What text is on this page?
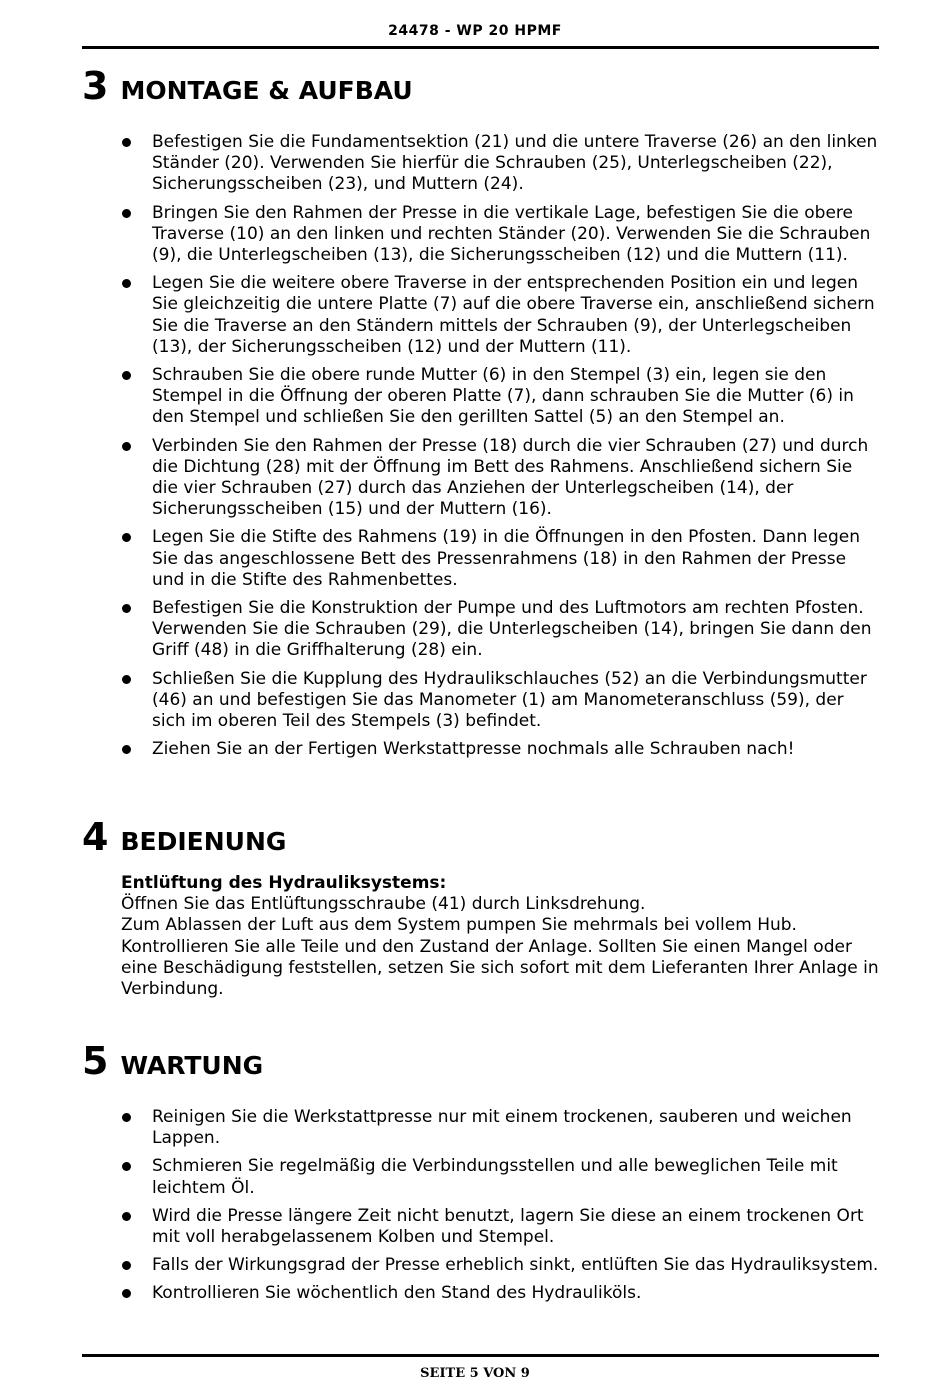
24478 - WP 20 HPMF
3 MONTAGE & AUFBAU
Befestigen Sie die Fundamentsektion (21) und die untere Traverse (26) an den linken Ständer (20). Verwenden Sie hierfür die Schrauben (25), Unterlegscheiben (22), Sicherungsscheiben (23), und Muttern (24).
Bringen Sie den Rahmen der Presse in die vertikale Lage, befestigen Sie die obere Traverse (10) an den linken und rechten Ständer (20). Verwenden Sie die Schrauben (9), die Unterlegscheiben (13), die Sicherungsscheiben (12) und die Muttern (11).
Legen Sie die weitere obere Traverse in der entsprechenden Position ein und legen Sie gleichzeitig die untere Platte (7) auf die obere Traverse ein, anschließend sichern Sie die Traverse an den Ständern mittels der Schrauben (9), der Unterlegscheiben (13), der Sicherungsscheiben (12) und der Muttern (11).
Schrauben Sie die obere runde Mutter (6) in den Stempel (3) ein, legen sie den Stempel in die Öffnung der oberen Platte (7), dann schrauben Sie die Mutter (6) in den Stempel und schließen Sie den gerillten Sattel (5) an den Stempel an.
Verbinden Sie den Rahmen der Presse (18) durch die vier Schrauben (27) und durch die Dichtung (28) mit der Öffnung im Bett des Rahmens. Anschließend sichern Sie die vier Schrauben (27) durch das Anziehen der Unterlegscheiben (14), der Sicherungsscheiben (15) und der Muttern (16).
Legen Sie die Stifte des Rahmens (19) in die Öffnungen in den Pfosten. Dann legen Sie das angeschlossene Bett des Pressenrahmens (18) in den Rahmen der Presse und in die Stifte des Rahmenbettes.
Befestigen Sie die Konstruktion der Pumpe und des Luftmotors am rechten Pfosten. Verwenden Sie die Schrauben (29), die Unterlegscheiben (14), bringen Sie dann den Griff (48) in die Griffhalterung (28) ein.
Schließen Sie die Kupplung des Hydraulikschlauches (52) an die Verbindungsmutter (46) an und befestigen Sie das Manometer (1) am Manometeranschluss (59), der sich im oberen Teil des Stempels (3) befindet.
Ziehen Sie an der Fertigen Werkstattpresse nochmals alle Schrauben nach!
4 BEDIENUNG
Entlüftung des Hydrauliksystems:
Öffnen Sie das Entlüftungsschraube (41) durch Linksdrehung.
Zum Ablassen der Luft aus dem System pumpen Sie mehrmals bei vollem Hub.
Kontrollieren Sie alle Teile und den Zustand der Anlage. Sollten Sie einen Mangel oder eine Beschädigung feststellen, setzen Sie sich sofort mit dem Lieferanten Ihrer Anlage in Verbindung.
5 WARTUNG
Reinigen Sie die Werkstattpresse nur mit einem trockenen, sauberen und weichen Lappen.
Schmieren Sie regelmäßig die Verbindungsstellen und alle beweglichen Teile mit leichtem Öl.
Wird die Presse längere Zeit nicht benutzt, lagern Sie diese an einem trockenen Ort mit voll herabgelassenem Kolben und Stempel.
Falls der Wirkungsgrad der Presse erheblich sinkt, entlüften Sie das Hydrauliksystem.
Kontrollieren Sie wöchentlich den Stand des Hydrauliköls.
SEITE 5 VON 9
